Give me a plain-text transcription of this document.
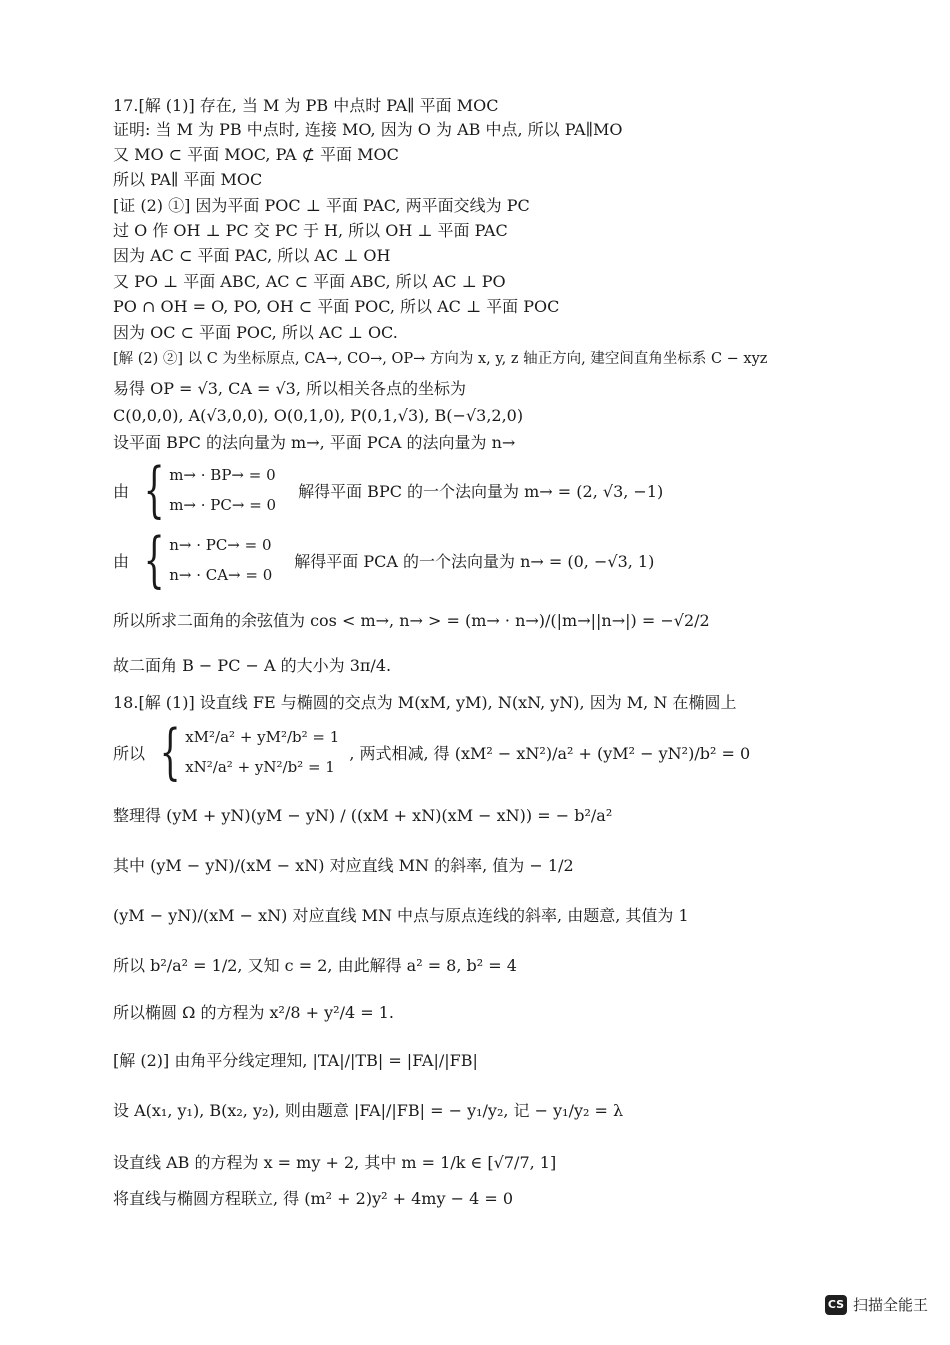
17.[解 (1)] 存在, 当 M 为 PB 中点时 PA∥ 平面 MOC
证明: 当 M 为 PB 中点时, 连接 MO, 因为 O 为 AB 中点, 所以 PA∥MO
又 MO ⊂ 平面 MOC, PA ⊄ 平面 MOC
所以 PA∥ 平面 MOC
[证 (2) ①] 因为平面 POC ⊥ 平面 PAC, 两平面交线为 PC
过 O 作 OH ⊥ PC 交 PC 于 H, 所以 OH ⊥ 平面 PAC
因为 AC ⊂ 平面 PAC, 所以 AC ⊥ OH
又 PO ⊥ 平面 ABC, AC ⊂ 平面 ABC, 所以 AC ⊥ PO
PO ∩ OH = O, PO, OH ⊂ 平面 POC, 所以 AC ⊥ 平面 POC
因为 OC ⊂ 平面 POC, 所以 AC ⊥ OC.
[解 (2) ②] 以 C 为坐标原点, CA→, CO→, OP→ 方向为 x, y, z 轴正方向, 建空间直角坐标系 C − xyz
易得 OP = √3, CA = √3, 所以相关各点的坐标为
C(0,0,0), A(√3,0,0), O(0,1,0), P(0,1,√3), B(−√3,2,0)
设平面 BPC 的法向量为 m→, 平面 PCA 的法向量为 n→
由 { m→ · BP→ = 0
m→ · PC→ = 0
解得平面 BPC 的一个法向量为 m→ = (2, √3, −1)
由 { n→ · PC→ = 0
n→ · CA→ = 0
解得平面 PCA 的一个法向量为 n→ = (0, −√3, 1)
所以所求二面角的余弦值为 cos < m→, n→ > = (m→ · n→)/(|m→||n→|) = −√2/2
故二面角 B − PC − A 的大小为 3π/4.
18.[解 (1)] 设直线 FE 与椭圆的交点为 M(xM, yM), N(xN, yN), 因为 M, N 在椭圆上
所以 { xM²/a² + yM²/b² = 1
xN²/a² + yN²/b² = 1
, 两式相减, 得 (xM² − xN²)/a² + (yM² − yN²)/b² = 0
整理得 (yM + yN)(yM − yN) / ((xM + xN)(xM − xN)) = − b²/a²
其中 (yM − yN)/(xM − xN) 对应直线 MN 的斜率, 值为 − 1/2
(yM − yN)/(xM − xN) 对应直线 MN 中点与原点连线的斜率, 由题意, 其值为 1
所以 b²/a² = 1/2, 又知 c = 2, 由此解得 a² = 8, b² = 4
所以椭圆 Ω 的方程为 x²/8 + y²/4 = 1.
[解 (2)] 由角平分线定理知, |TA|/|TB| = |FA|/|FB|
设 A(x₁, y₁), B(x₂, y₂), 则由题意 |FA|/|FB| = − y₁/y₂, 记 − y₁/y₂ = λ
设直线 AB 的方程为 x = my + 2, 其中 m = 1/k ∈ [√7/7, 1]
将直线与椭圆方程联立, 得 (m² + 2)y² + 4my − 4 = 0
CS 扫描全能王
